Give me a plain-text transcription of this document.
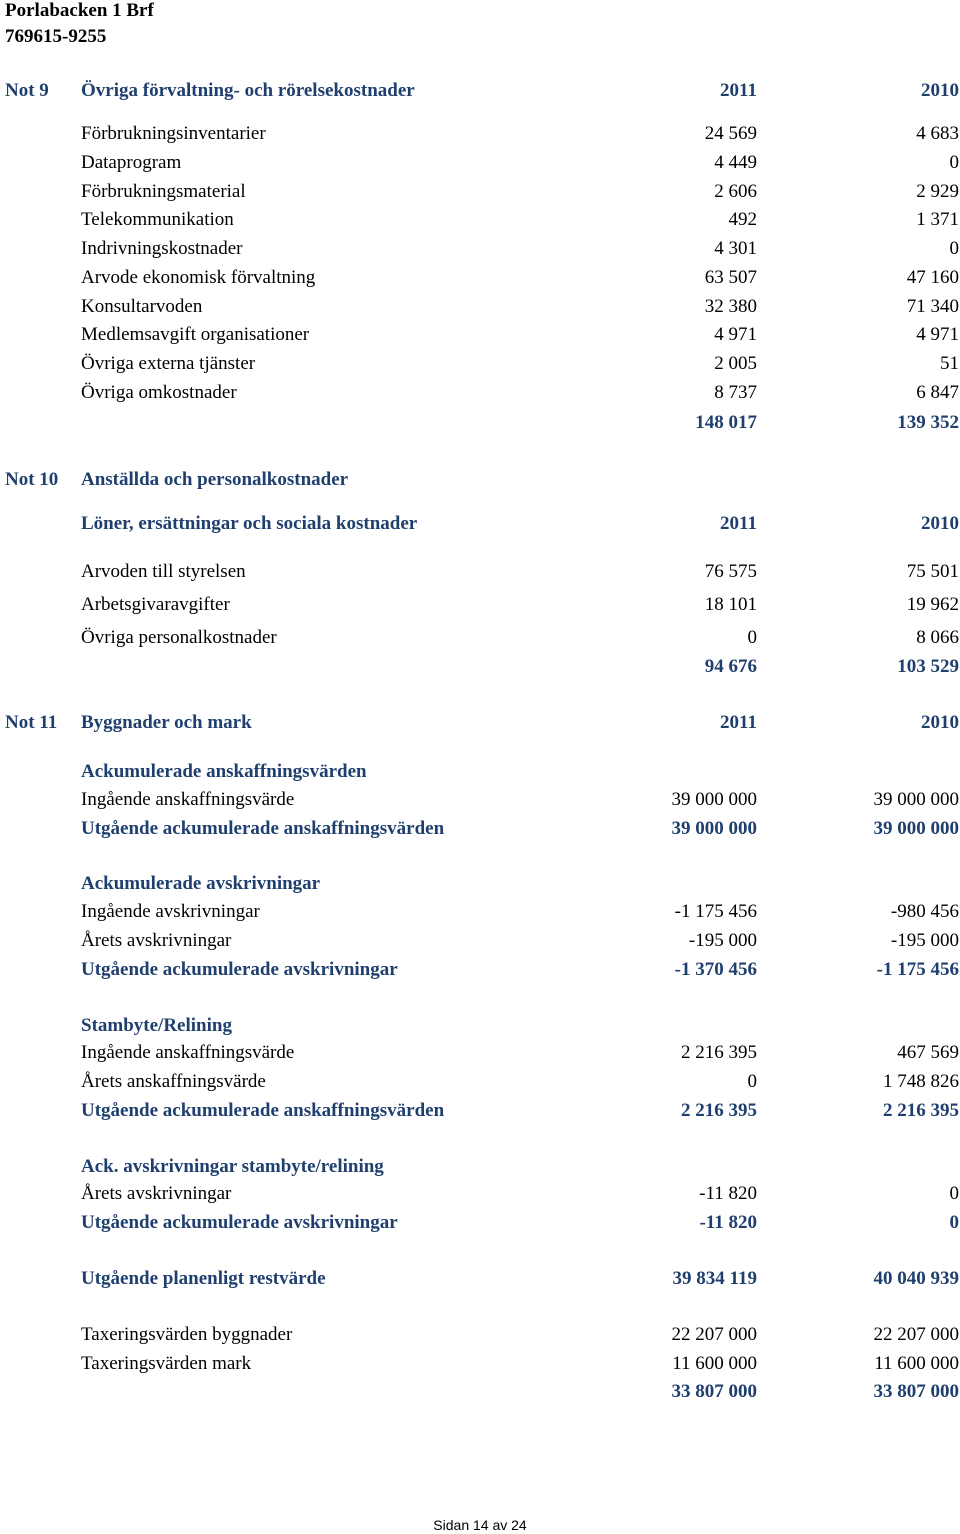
Porlabacken 1 Brf
769615-9255
Not 9 Övriga förvaltning- och rörelsekostnader	2011	2010
Förbrukningsinventarier	24 569	4 683
Dataprogram	4 449	0
Förbrukningsmaterial	2 606	2 929
Telekommunikation	492	1 371
Indrivningskostnader	4 301	0
Arvode ekonomisk förvaltning	63 507	47 160
Konsultarvoden	32 380	71 340
Medlemsavgift organisationer	4 971	4 971
Övriga externa tjänster	2 005	51
Övriga omkostnader	8 737	6 847
148 017	139 352
Not 10 Anställda och personalkostnader
Löner, ersättningar och sociala kostnader	2011	2010
Arvoden till styrelsen	76 575	75 501
Arbetsgivaravgifter	18 101	19 962
Övriga personalkostnader	0	8 066
94 676	103 529
Not 11 Byggnader och mark	2011	2010
Ackumulerade anskaffningsvärden
Ingående anskaffningsvärde	39 000 000	39 000 000
Utgående ackumulerade anskaffningsvärden	39 000 000	39 000 000
Ackumulerade avskrivningar
Ingående avskrivningar	-1 175 456	-980 456
Årets avskrivningar	-195 000	-195 000
Utgående ackumulerade avskrivningar	-1 370 456	-1 175 456
Stambyte/Relining
Ingående anskaffningsvärde	2 216 395	467 569
Årets anskaffningsvärde	0	1 748 826
Utgående ackumulerade anskaffningsvärden	2 216 395	2 216 395
Ack. avskrivningar stambyte/relining
Årets avskrivningar	-11 820	0
Utgående ackumulerade avskrivningar	-11 820	0
Utgående planenligt restvärde	39 834 119	40 040 939
Taxeringsvärden byggnader	22 207 000	22 207 000
Taxeringsvärden mark	11 600 000	11 600 000
33 807 000	33 807 000
Sidan 14 av 24
